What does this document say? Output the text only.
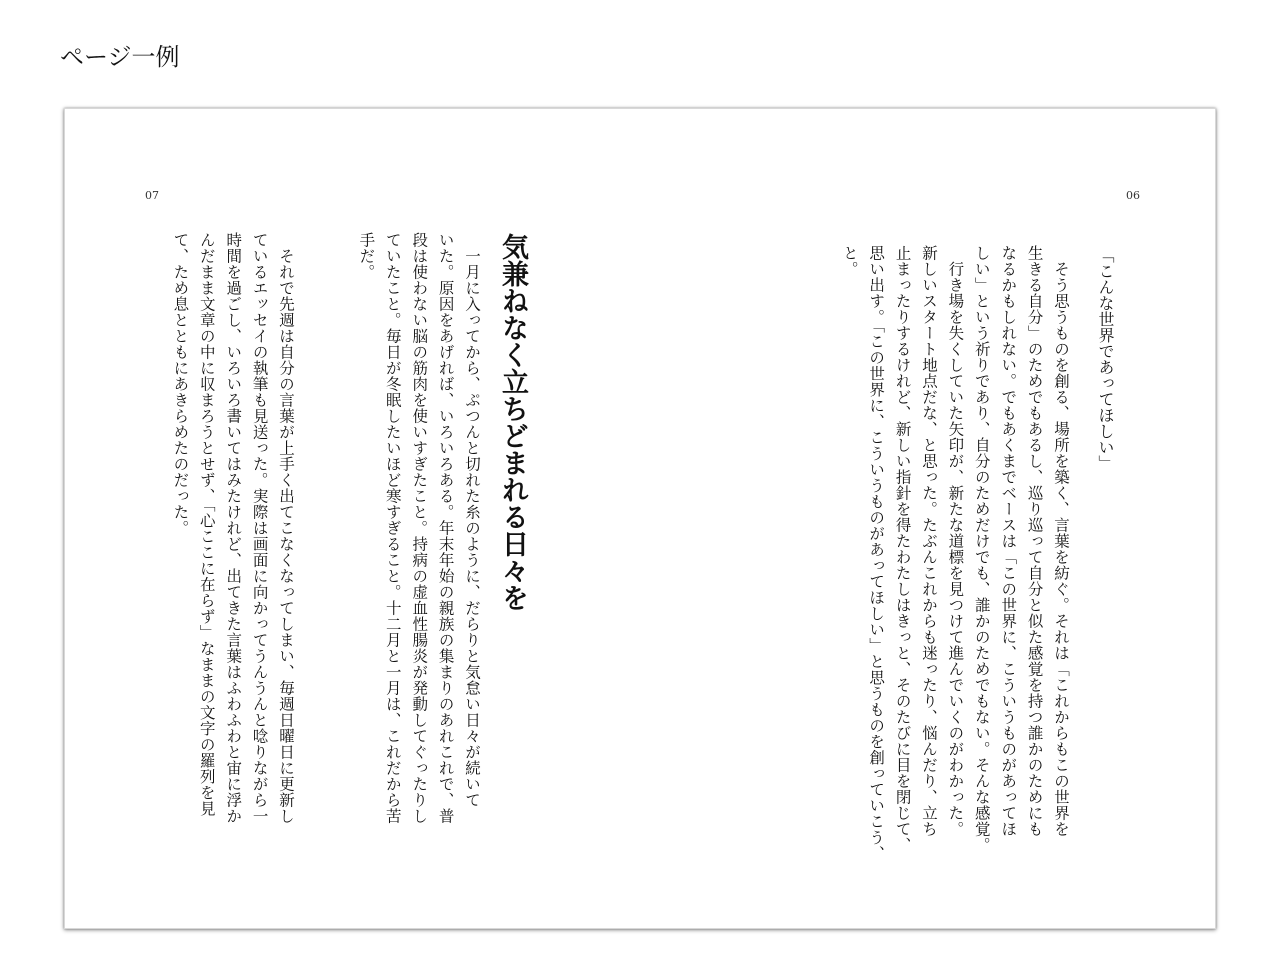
ページ一例
07	06
「こんな世界であってほしい」
　そう思うものを創る、場所を築く、言葉を紡ぐ。それは「これからもこの世界を
生きる自分」のためでもあるし、巡り巡って自分と似た感覚を持つ誰かのためにも
なるかもしれない。でもあくまでベースは「この世界に、こういうものがあってほ
しい」という祈りであり、自分のためだけでも、誰かのためでもない。そんな感覚。
　行き場を失くしていた矢印が、新たな道標を見つけて進んでいくのがわかった。
新しいスタート地点だな、と思った。たぶんこれからも迷ったり、悩んだり、立ち
止まったりするけれど、新しい指針を得たわたしはきっと、そのたびに目を閉じて、
思い出す。「この世界に、こういうものがあってほしい」と思うものを創っていこう、
と。
気兼ねなく立ちどまれる日々を
　一月に入ってから、ぷつんと切れた糸のように、だらりと気怠い日々が続いて
いた。原因をあげれば、いろいろある。年末年始の親族の集まりのあれこれで、普
段は使わない脳の筋肉を使いすぎたこと。持病の虚血性腸炎が発動してぐったりし
ていたこと。毎日が冬眠したいほど寒すぎること。十二月と一月は、これだから苦
手だ。
　それで先週は自分の言葉が上手く出てこなくなってしまい、毎週日曜日に更新し
ているエッセイの執筆も見送った。実際は画面に向かってうんうんと唸りながら一
時間を過ごし、いろいろ書いてはみたけれど、出てきた言葉はふわふわと宙に浮か
んだまま文章の中に収まろうとせず、「心ここに在らず」なままの文字の羅列を見
て、ため息とともにあきらめたのだった。
